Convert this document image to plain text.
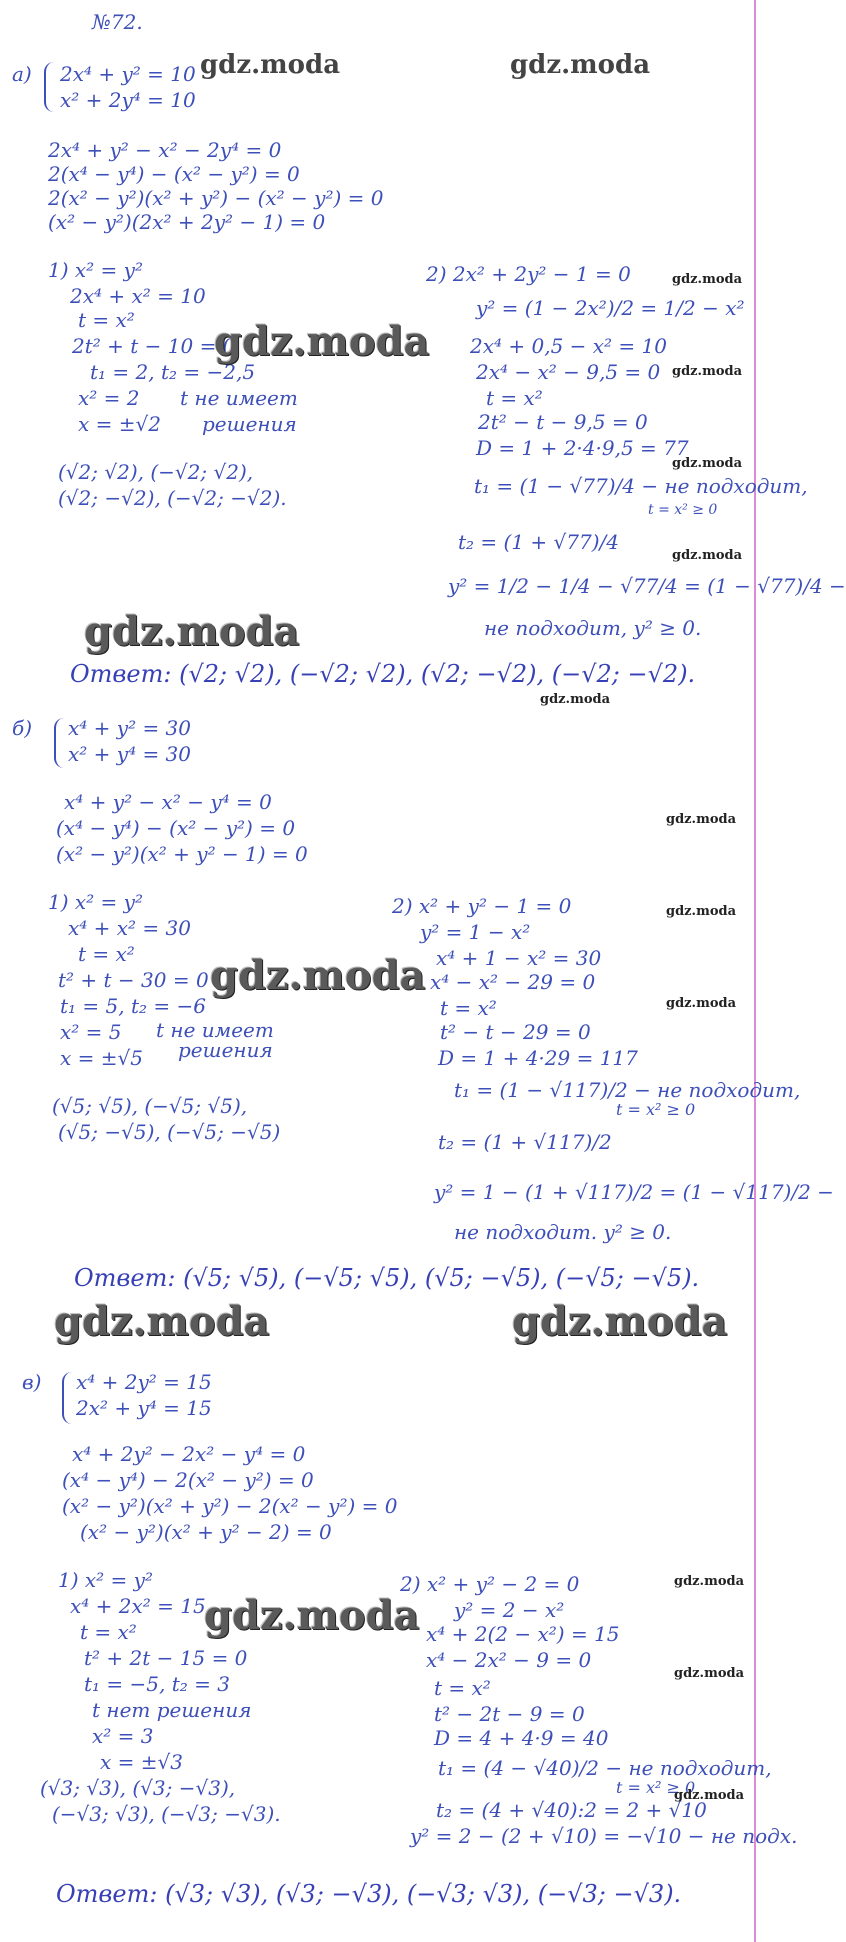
№72.
а) 2x⁴ + y² = 10
x² + 2y⁴ = 10
2x⁴ + y² − x² − 2y⁴ = 0
2(x⁴ − y⁴) − (x² − y²) = 0
2(x² − y²)(x² + y²) − (x² − y²) = 0
(x² − y²)(2x² + 2y² − 1) = 0
1) x² = y²
2x⁴ + x² = 10
t = x²
2t² + t − 10 = 0
t₁ = 2, t₂ = −2,5
x² = 2
x = ±√2
t не имеет
решения
(√2; √2), (−√2; √2),
(√2; −√2), (−√2; −√2).
2) 2x² + 2y² − 1 = 0
y² = (1 − 2x²)/2 = 1/2 − x²
2x⁴ + 0,5 − x² = 10
2x⁴ − x² − 9,5 = 0
t = x²
2t² − t − 9,5 = 0
D = 1 + 2·4·9,5 = 77
t₁ = (1 − √77)/4 − не подходит,
t = x² ≥ 0
t₂ = (1 + √77)/4
y² = 1/2 − 1/4 − √77/4 = (1 − √77)/4 −
не подходит, y² ≥ 0.
Ответ: (√2; √2), (−√2; √2), (√2; −√2), (−√2; −√2).
б) x⁴ + y² = 30
x² + y⁴ = 30
x⁴ + y² − x² − y⁴ = 0
(x⁴ − y⁴) − (x² − y²) = 0
(x² − y²)(x² + y² − 1) = 0
1) x² = y²
x⁴ + x² = 30
t = x²
t² + t − 30 = 0
t₁ = 5, t₂ = −6
x² = 5
x = ±√5
t не имеет
решения
(√5; √5), (−√5; √5),
(√5; −√5), (−√5; −√5)
2) x² + y² − 1 = 0
y² = 1 − x²
x⁴ + 1 − x² = 30
x⁴ − x² − 29 = 0
t = x²
t² − t − 29 = 0
D = 1 + 4·29 = 117
t₁ = (1 − √117)/2 − не подходит,
t = x² ≥ 0
t₂ = (1 + √117)/2
y² = 1 − (1 + √117)/2 = (1 − √117)/2 −
не подходит. y² ≥ 0.
Ответ: (√5; √5), (−√5; √5), (√5; −√5), (−√5; −√5).
в) x⁴ + 2y² = 15
2x² + y⁴ = 15
x⁴ + 2y² − 2x² − y⁴ = 0
(x⁴ − y⁴) − 2(x² − y²) = 0
(x² − y²)(x² + y²) − 2(x² − y²) = 0
(x² − y²)(x² + y² − 2) = 0
1) x² = y²
x⁴ + 2x² = 15
t = x²
t² + 2t − 15 = 0
t₁ = −5, t₂ = 3
t нет решения
x² = 3
x = ±√3
(√3; √3), (√3; −√3),
(−√3; √3), (−√3; −√3).
2) x² + y² − 2 = 0
y² = 2 − x²
x⁴ + 2(2 − x²) = 15
x⁴ − 2x² − 9 = 0
t = x²
t² − 2t − 9 = 0
D = 4 + 4·9 = 40
t₁ = (4 − √40)/2 − не подходит,
t = x² ≥ 0
t₂ = (4 + √40):2 = 2 + √10
y² = 2 − (2 + √10) = −√10 − не подх.
Ответ: (√3; √3), (√3; −√3), (−√3; √3), (−√3; −√3).
gdz.moda	gdz.moda
gdz.moda
gdz.moda
gdz.moda
gdz.moda	gdz.moda
gdz.moda
gdz.moda
gdz.moda
gdz.moda
gdz.moda
gdz.moda
gdz.moda
gdz.moda
gdz.moda
gdz.moda
gdz.moda
gdz.moda
